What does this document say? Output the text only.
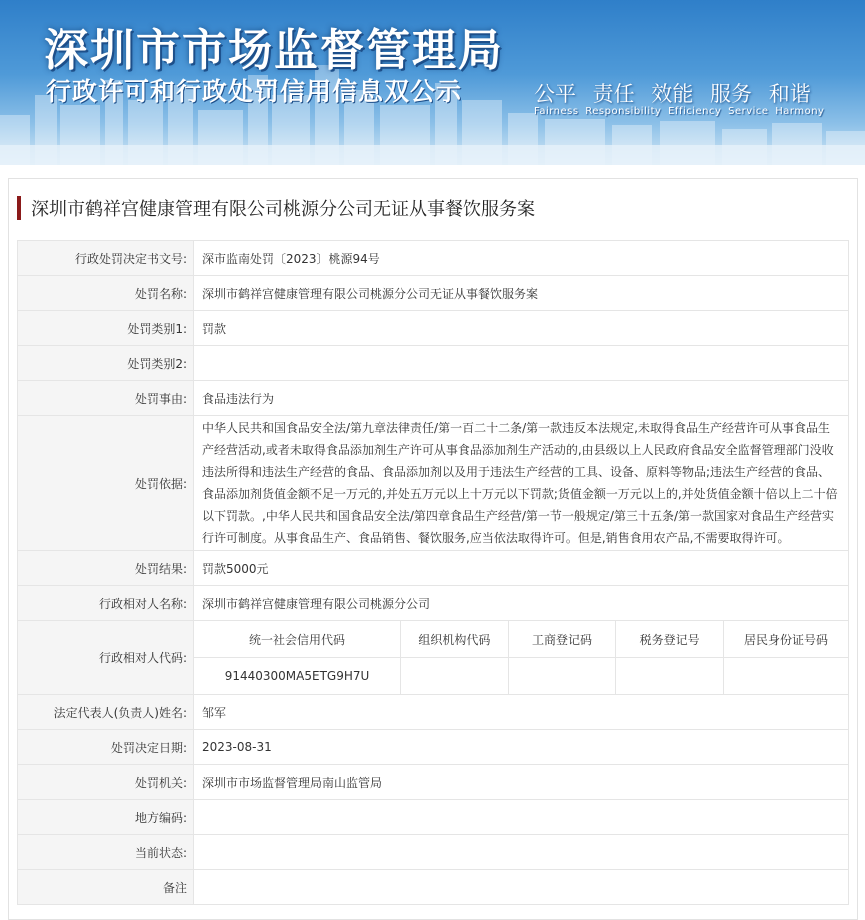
深圳市市场监督管理局
行政许可和行政处罚信用信息双公示	公平 责任 效能 服务 和谐
Fairness Responsibility Efficiency Service Harmony
深圳市鹤祥宫健康管理有限公司桃源分公司无证从事餐饮服务案
行政处罚决定书文号:	深市监南处罚〔2023〕桃源94号
处罚名称:	深圳市鹤祥宫健康管理有限公司桃源分公司无证从事餐饮服务案
处罚类别1:	罚款
处罚类别2:	
处罚事由:	食品违法行为
处罚依据:	中华人民共和国食品安全法/第九章法律责任/第一百二十二条/第一款违反本法规定,未取得食品生产经营许可从事食品生产经营活动,或者未取得食品添加剂生产许可从事食品添加剂生产活动的,由县级以上人民政府食品安全监督管理部门没收违法所得和违法生产经营的食品、食品添加剂以及用于违法生产经营的工具、设备、原料等物品;违法生产经营的食品、食品添加剂货值金额不足一万元的,并处五万元以上十万元以下罚款;货值金额一万元以上的,并处货值金额十倍以上二十倍以下罚款。,中华人民共和国食品安全法/第四章食品生产经营/第一节一般规定/第三十五条/第一款国家对食品生产经营实行许可制度。从事食品生产、食品销售、餐饮服务,应当依法取得许可。但是,销售食用农产品,不需要取得许可。
处罚结果:	罚款5000元
行政相对人名称:	深圳市鹤祥宫健康管理有限公司桃源分公司
行政相对人代码:	
统一社会信用代码	组织机构代码	工商登记码	税务登记号	居民身份证号码
91440300MA5ETG9H7U				

法定代表人(负责人)姓名:	邹军
处罚决定日期:	2023-08-31
处罚机关:	深圳市市场监督管理局南山监管局
地方编码:	
当前状态:	
备注	
